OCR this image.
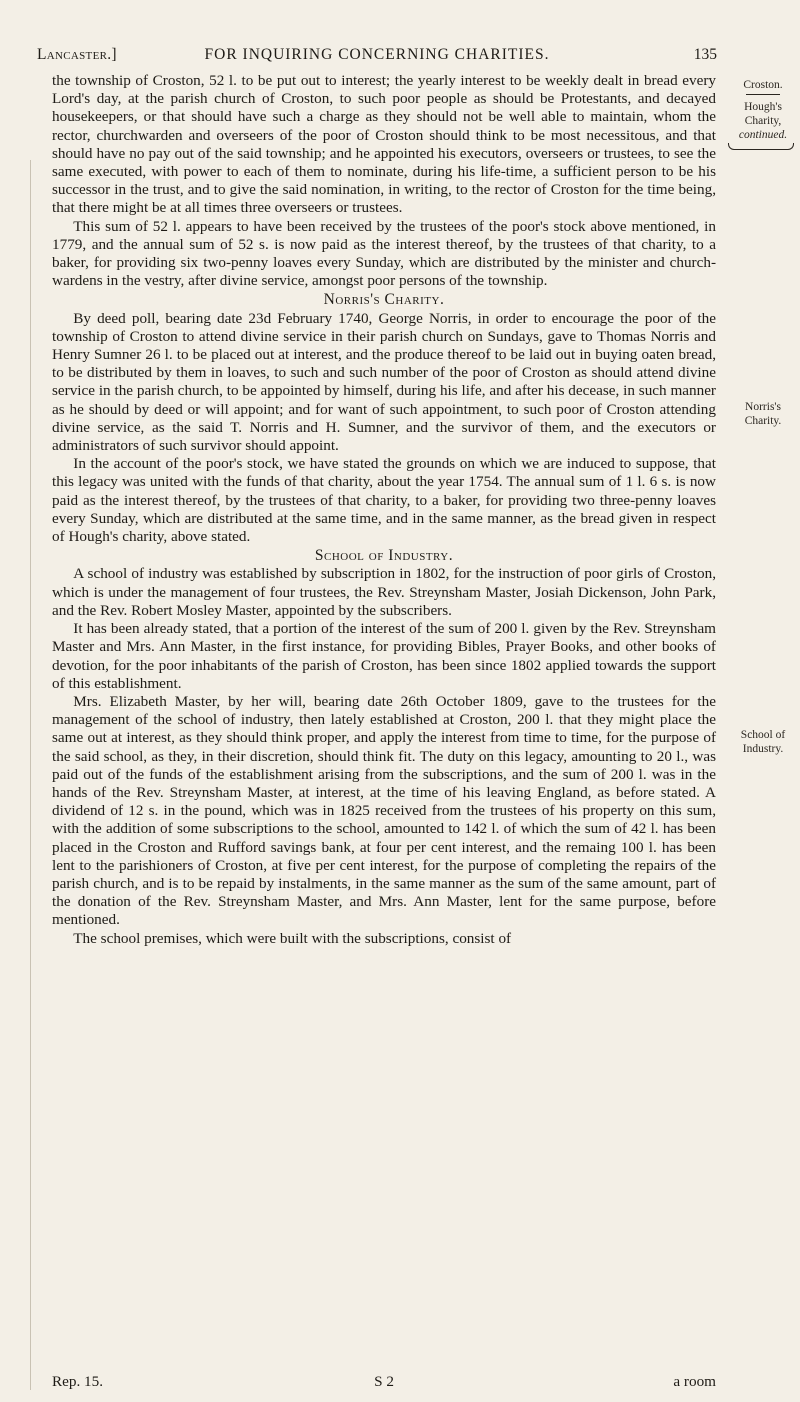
Lancaster.]	FOR INQUIRING CONCERNING CHARITIES.	135
Croston.
Hough's Charity,
continued.
Norris's Charity.
School of Industry.

the township of Croston, 52 l. to be put out to interest; the yearly interest to be weekly dealt in bread every Lord's day, at the parish church of Croston, to such poor people as should be Protestants, and decayed housekeepers, or that should have such a charge as they should not be well able to maintain, whom the rector, churchwarden and overseers of the poor of Croston should think to be most necessitous, and that should have no pay out of the said township; and he appointed his executors, overseers or trustees, to see the same executed, with power to each of them to nominate, during his life-time, a sufficient person to be his successor in the trust, and to give the said nomination, in writing, to the rector of Croston for the time being, that there might be at all times three overseers or trustees.

This sum of 52 l. appears to have been received by the trustees of the poor's stock above mentioned, in 1779, and the annual sum of 52 s. is now paid as the interest thereof, by the trustees of that charity, to a baker, for providing six two-penny loaves every Sunday, which are distributed by the minister and church-wardens in the vestry, after divine service, amongst poor persons of the township.

Norris's Charity.

By deed poll, bearing date 23d February 1740, George Norris, in order to encourage the poor of the township of Croston to attend divine service in their parish church on Sundays, gave to Thomas Norris and Henry Sumner 26 l. to be placed out at interest, and the produce thereof to be laid out in buying oaten bread, to be distributed by them in loaves, to such and such number of the poor of Croston as should attend divine service in the parish church, to be appointed by himself, during his life, and after his decease, in such manner as he should by deed or will appoint; and for want of such appointment, to such poor of Croston attending divine service, as the said T. Norris and H. Sumner, and the survivor of them, and the executors or administrators of such survivor should appoint.

In the account of the poor's stock, we have stated the grounds on which we are induced to suppose, that this legacy was united with the funds of that charity, about the year 1754. The annual sum of 1 l. 6 s. is now paid as the interest thereof, by the trustees of that charity, to a baker, for providing two three-penny loaves every Sunday, which are distributed at the same time, and in the same manner, as the bread given in respect of Hough's charity, above stated.

School of Industry.

A school of industry was established by subscription in 1802, for the instruction of poor girls of Croston, which is under the management of four trustees, the Rev. Streynsham Master, Josiah Dickenson, John Park, and the Rev. Robert Mosley Master, appointed by the subscribers.

It has been already stated, that a portion of the interest of the sum of 200 l. given by the Rev. Streynsham Master and Mrs. Ann Master, in the first instance, for providing Bibles, Prayer Books, and other books of devotion, for the poor inhabitants of the parish of Croston, has been since 1802 applied towards the support of this establishment.

Mrs. Elizabeth Master, by her will, bearing date 26th October 1809, gave to the trustees for the management of the school of industry, then lately established at Croston, 200 l. that they might place the same out at interest, as they should think proper, and apply the interest from time to time, for the purpose of the said school, as they, in their discretion, should think fit. The duty on this legacy, amounting to 20 l., was paid out of the funds of the establishment arising from the subscriptions, and the sum of 200 l. was in the hands of the Rev. Streynsham Master, at interest, at the time of his leaving England, as before stated. A dividend of 12 s. in the pound, which was in 1825 received from the trustees of his property on this sum, with the addition of some subscriptions to the school, amounted to 142 l. of which the sum of 42 l. has been placed in the Croston and Rufford savings bank, at four per cent interest, and the remaing 100 l. has been lent to the parishioners of Croston, at five per cent interest, for the purpose of completing the repairs of the parish church, and is to be repaid by instalments, in the same manner as the sum of the same amount, part of the donation of the Rev. Streynsham Master, and Mrs. Ann Master, lent for the same purpose, before mentioned.

The school premises, which were built with the subscriptions, consist of

Rep. 15.	S 2	a room
